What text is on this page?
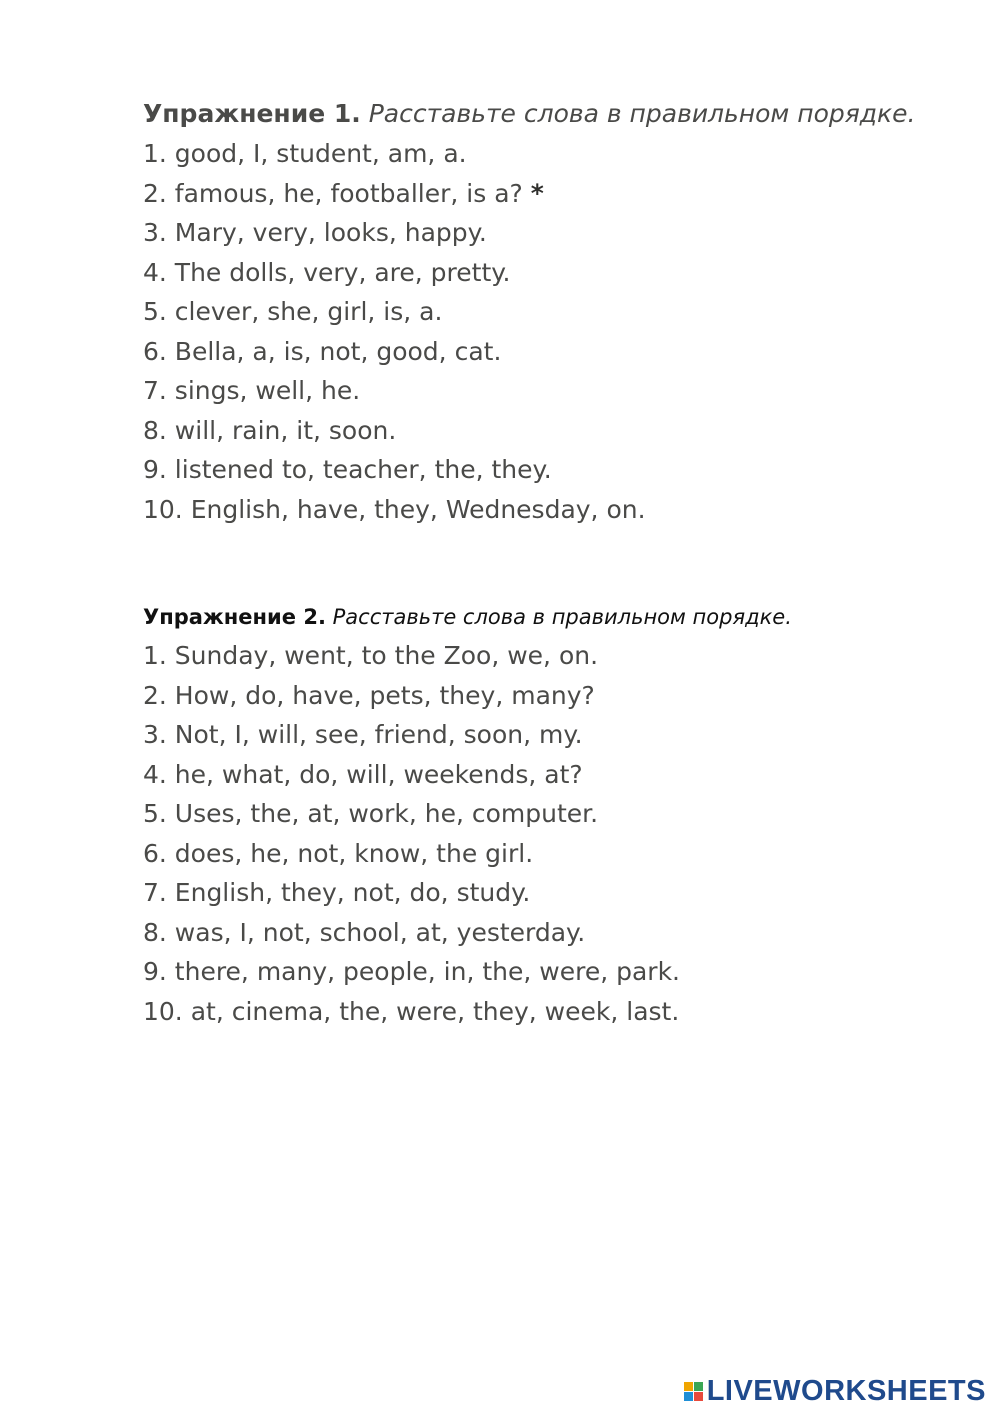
Упражнение 1. Расставьте слова в правильном порядке.

1. good, I, student, am, a.
2. famous, he, footballer, is a? *
3. Mary, very, looks, happy.
4. The dolls, very, are, pretty.
5. clever, she, girl, is, a.
6. Bella, a, is, not, good, cat.
7. sings, well, he.
8. will, rain, it, soon.
9. listened to, teacher, the, they.
10. English, have, they, Wednesday, on.

Упражнение 2. Расставьте слова в правильном порядке.

1. Sunday, went, to the Zoo, we, on.
2. How, do, have, pets, they, many?
3. Not, I, will, see, friend, soon, my.
4. he, what, do, will, weekends, at?
5. Uses, the, at, work, he, computer.
6. does, he, not, know, the girl.
7. English, they, not, do, study.
8. was, I, not, school, at, yesterday.
9. there, many, people, in, the, were, park.
10. at, cinema, the, were, they, week, last.
LIVEWORKSHEETS
